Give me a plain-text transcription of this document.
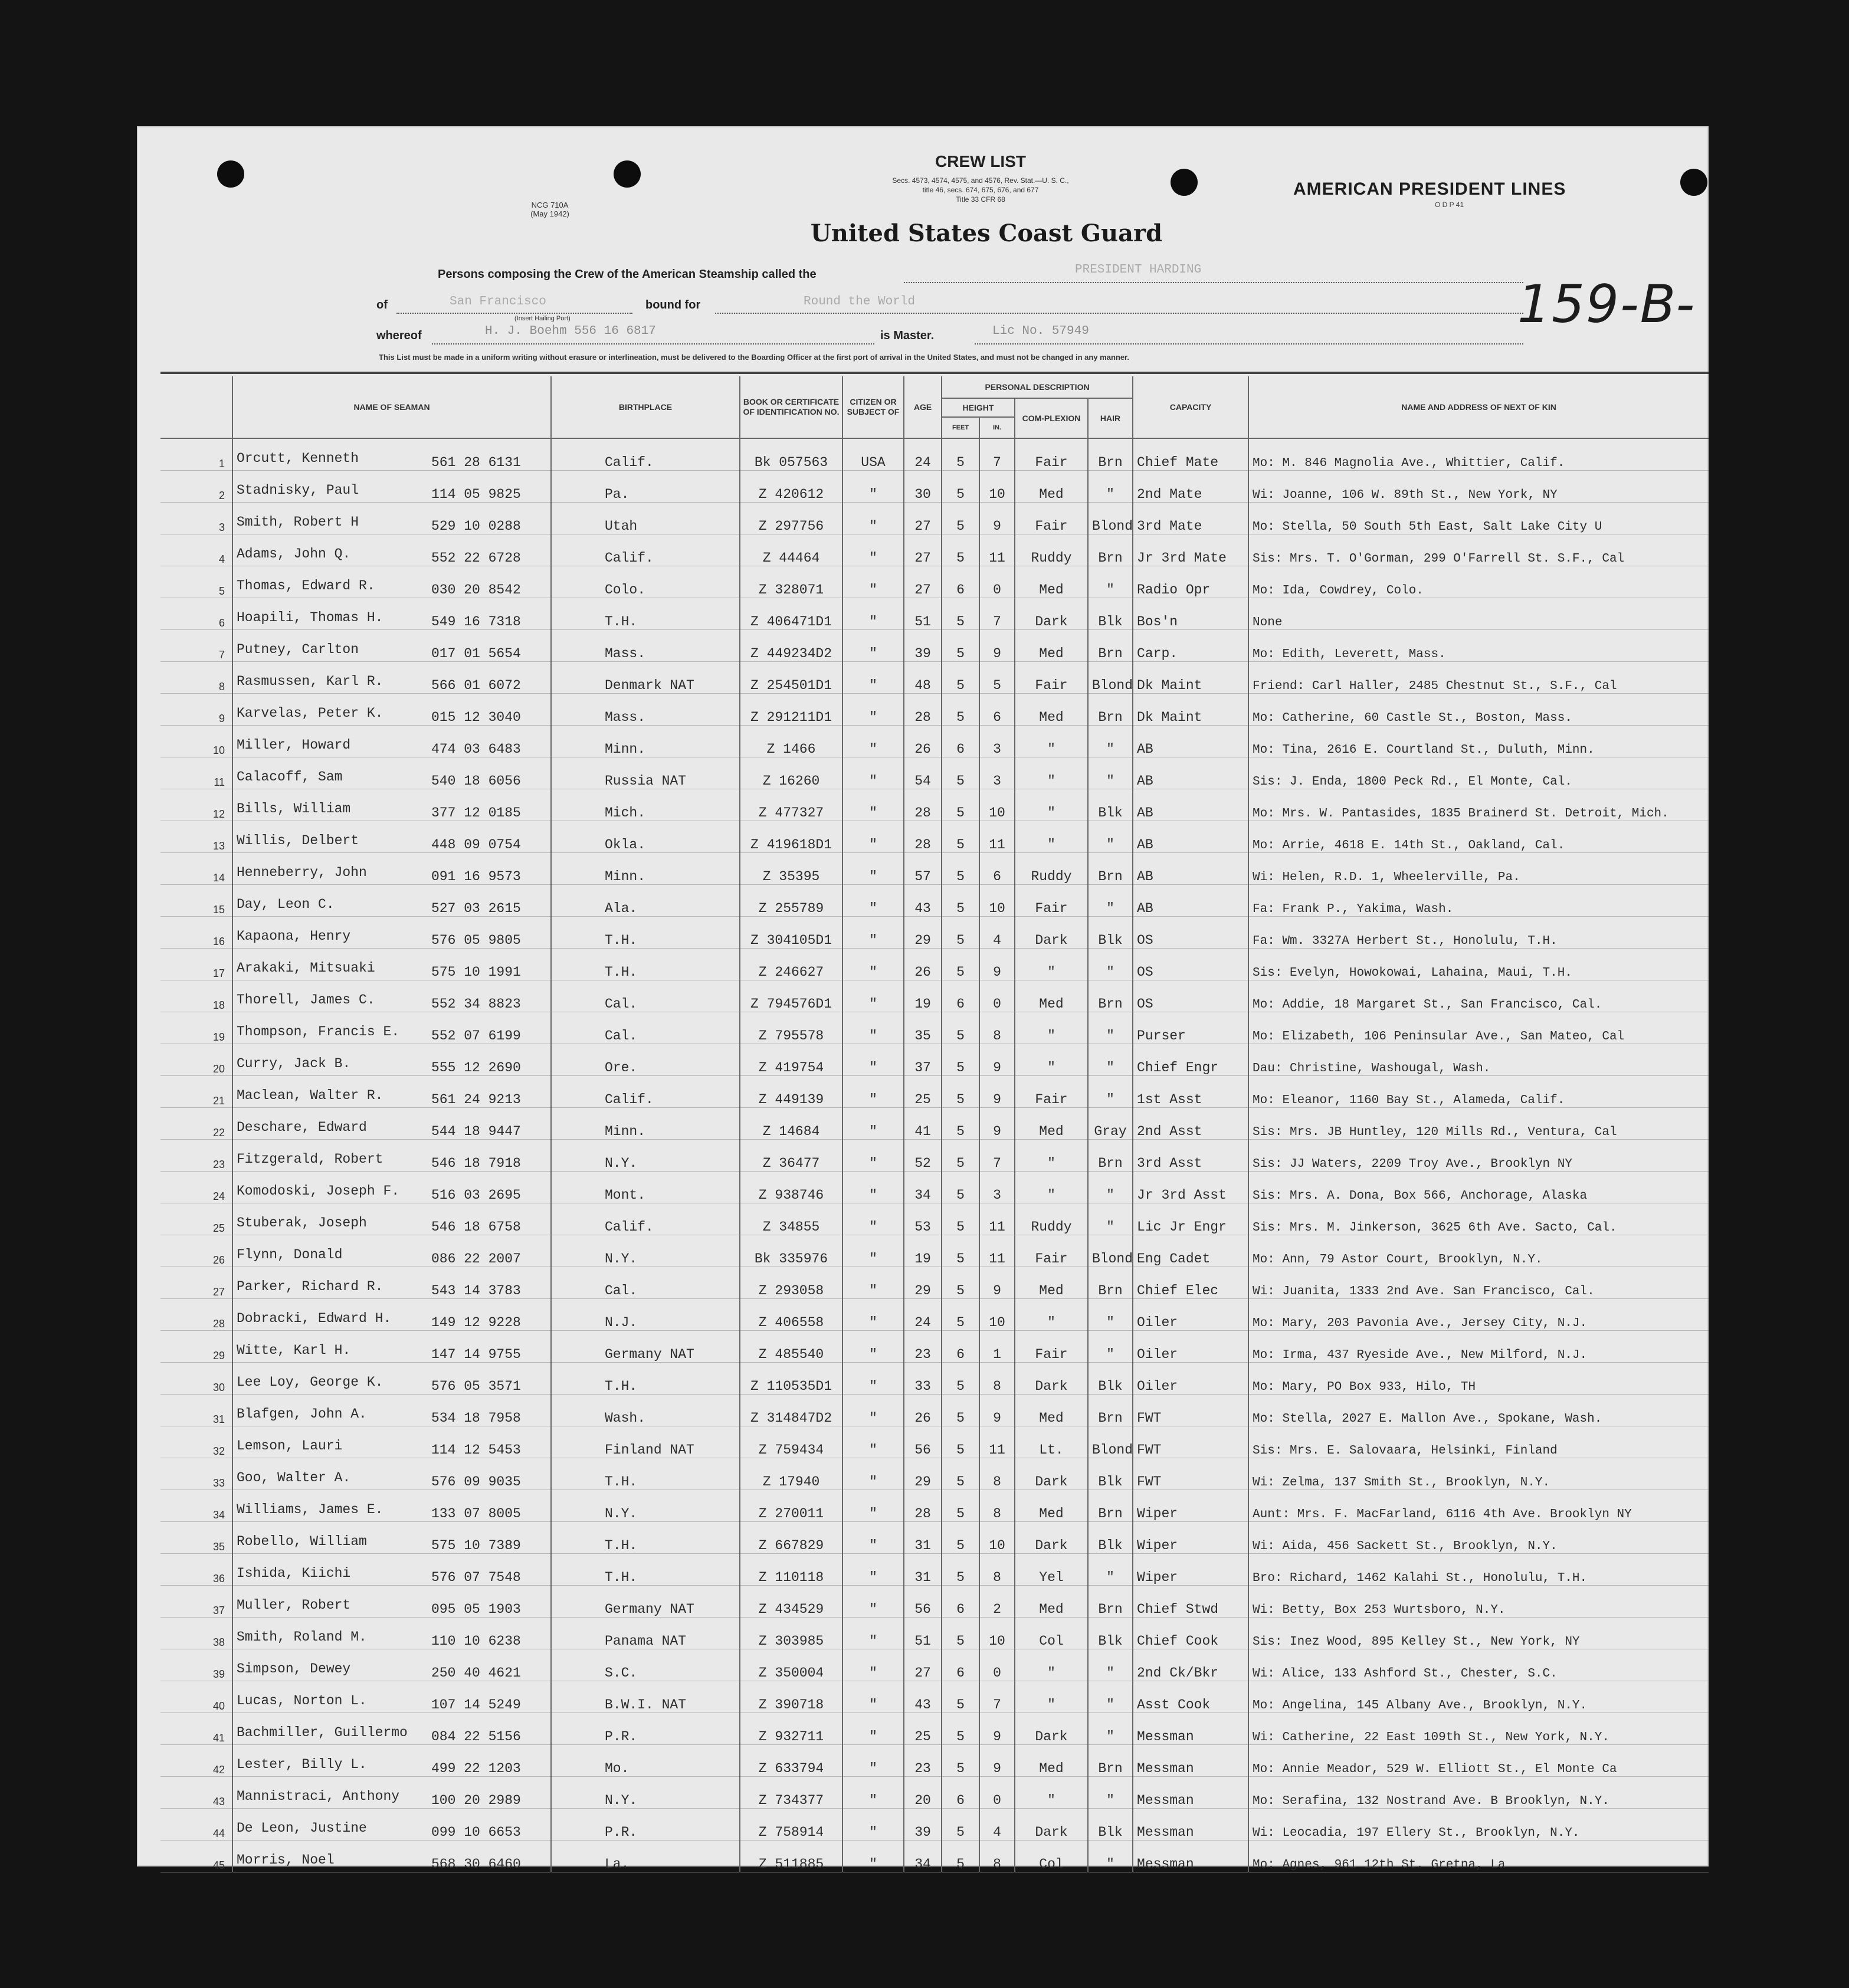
NCG 710A
(May 1942)
CREW LIST
Secs. 4573, 4574, 4575, and 4576, Rev. Stat.—U. S. C.,
title 46, secs. 674, 675, 676, and 677
Title 33 CFR 68
AMERICAN PRESIDENT LINES
O D P 41
United States Coast Guard
159-B-
Persons composing the Crew of the American Steamship called the	PRESIDENT HARDING
of	San Francisco
(Insert Hailing Port)
bound for	Round the World
whereof	H. J. Boehm 556 16 6817	is Master.	Lic No. 57949
This List must be made in a uniform writing without erasure or interlineation, must be delivered to the Boarding Officer at the first port of arrival in the United States, and must not be changed in any manner.
	NAME OF SEAMAN	BIRTHPLACE	BOOK OR CERTIFICATE OF IDENTIFICATION NO.	CITIZEN OR SUBJECT OF	AGE	PERSONAL DESCRIPTION				CAPACITY	NAME AND ADDRESS OF NEXT OF KIN
						HEIGHT		COM-PLEXION	HAIR		
						FEET	IN.				
1	Orcutt, Kenneth 561 28 6131	Calif.	Bk 057563	USA	24	5	7	Fair	Brn	Chief Mate	Mo: M. 846 Magnolia Ave., Whittier, Calif.
2	Stadnisky, Paul 114 05 9825	Pa.	Z 420612	"	30	5	10	Med	"	2nd Mate	Wi: Joanne, 106 W. 89th St., New York, NY
3	Smith, Robert H 529 10 0288	Utah	Z 297756	"	27	5	9	Fair	Blond	3rd Mate	Mo: Stella, 50 South 5th East, Salt Lake City U
4	Adams, John Q. 552 22 6728	Calif.	Z 44464	"	27	5	11	Ruddy	Brn	Jr 3rd Mate	Sis: Mrs. T. O'Gorman, 299 O'Farrell St. S.F., Cal
5	Thomas, Edward R. 030 20 8542	Colo.	Z 328071	"	27	6	0	Med	"	Radio Opr	Mo: Ida, Cowdrey, Colo.
6	Hoapili, Thomas H. 549 16 7318	T.H.	Z 406471D1	"	51	5	7	Dark	Blk	Bos'n	None
7	Putney, Carlton 017 01 5654	Mass.	Z 449234D2	"	39	5	9	Med	Brn	Carp.	Mo: Edith, Leverett, Mass.
8	Rasmussen, Karl R. 566 01 6072	Denmark NAT	Z 254501D1	"	48	5	5	Fair	Blond	Dk Maint	Friend: Carl Haller, 2485 Chestnut St., S.F., Cal
9	Karvelas, Peter K. 015 12 3040	Mass.	Z 291211D1	"	28	5	6	Med	Brn	Dk Maint	Mo: Catherine, 60 Castle St., Boston, Mass.
10	Miller, Howard 474 03 6483	Minn.	Z 1466	"	26	6	3	"	"	AB	Mo: Tina, 2616 E. Courtland St., Duluth, Minn.
11	Calacoff, Sam 540 18 6056	Russia NAT	Z 16260	"	54	5	3	"	"	AB	Sis: J. Enda, 1800 Peck Rd., El Monte, Cal.
12	Bills, William 377 12 0185	Mich.	Z 477327	"	28	5	10	"	Blk	AB	Mo: Mrs. W. Pantasides, 1835 Brainerd St. Detroit, Mich.
13	Willis, Delbert 448 09 0754	Okla.	Z 419618D1	"	28	5	11	"	"	AB	Mo: Arrie, 4618 E. 14th St., Oakland, Cal.
14	Henneberry, John 091 16 9573	Minn.	Z 35395	"	57	5	6	Ruddy	Brn	AB	Wi: Helen, R.D. 1, Wheelerville, Pa.
15	Day, Leon C. 527 03 2615	Ala.	Z 255789	"	43	5	10	Fair	"	AB	Fa: Frank P., Yakima, Wash.
16	Kapaona, Henry 576 05 9805	T.H.	Z 304105D1	"	29	5	4	Dark	Blk	OS	Fa: Wm. 3327A Herbert St., Honolulu, T.H.
17	Arakaki, Mitsuaki 575 10 1991	T.H.	Z 246627	"	26	5	9	"	"	OS	Sis: Evelyn, Howokowai, Lahaina, Maui, T.H.
18	Thorell, James C. 552 34 8823	Cal.	Z 794576D1	"	19	6	0	Med	Brn	OS	Mo: Addie, 18 Margaret St., San Francisco, Cal.
19	Thompson, Francis E. 552 07 6199	Cal.	Z 795578	"	35	5	8	"	"	Purser	Mo: Elizabeth, 106 Peninsular Ave., San Mateo, Cal
20	Curry, Jack B. 555 12 2690	Ore.	Z 419754	"	37	5	9	"	"	Chief Engr	Dau: Christine, Washougal, Wash.
21	Maclean, Walter R. 561 24 9213	Calif.	Z 449139	"	25	5	9	Fair	"	1st Asst	Mo: Eleanor, 1160 Bay St., Alameda, Calif.
22	Deschare, Edward 544 18 9447	Minn.	Z 14684	"	41	5	9	Med	Gray	2nd Asst	Sis: Mrs. JB Huntley, 120 Mills Rd., Ventura, Cal
23	Fitzgerald, Robert 546 18 7918	N.Y.	Z 36477	"	52	5	7	"	Brn	3rd Asst	Sis: JJ Waters, 2209 Troy Ave., Brooklyn NY
24	Komodoski, Joseph F. 516 03 2695	Mont.	Z 938746	"	34	5	3	"	"	Jr 3rd Asst	Sis: Mrs. A. Dona, Box 566, Anchorage, Alaska
25	Stuberak, Joseph 546 18 6758	Calif.	Z 34855	"	53	5	11	Ruddy	"	Lic Jr Engr	Sis: Mrs. M. Jinkerson, 3625 6th Ave. Sacto, Cal.
26	Flynn, Donald 086 22 2007	N.Y.	Bk 335976	"	19	5	11	Fair	Blond	Eng Cadet	Mo: Ann, 79 Astor Court, Brooklyn, N.Y.
27	Parker, Richard R. 543 14 3783	Cal.	Z 293058	"	29	5	9	Med	Brn	Chief Elec	Wi: Juanita, 1333 2nd Ave. San Francisco, Cal.
28	Dobracki, Edward H. 149 12 9228	N.J.	Z 406558	"	24	5	10	"	"	Oiler	Mo: Mary, 203 Pavonia Ave., Jersey City, N.J.
29	Witte, Karl H. 147 14 9755	Germany NAT	Z 485540	"	23	6	1	Fair	"	Oiler	Mo: Irma, 437 Ryeside Ave., New Milford, N.J.
30	Lee Loy, George K. 576 05 3571	T.H.	Z 110535D1	"	33	5	8	Dark	Blk	Oiler	Mo: Mary, PO Box 933, Hilo, TH
31	Blafgen, John A. 534 18 7958	Wash.	Z 314847D2	"	26	5	9	Med	Brn	FWT	Mo: Stella, 2027 E. Mallon Ave., Spokane, Wash.
32	Lemson, Lauri 114 12 5453	Finland NAT	Z 759434	"	56	5	11	Lt.	Blond	FWT	Sis: Mrs. E. Salovaara, Helsinki, Finland
33	Goo, Walter A. 576 09 9035	T.H.	Z 17940	"	29	5	8	Dark	Blk	FWT	Wi: Zelma, 137 Smith St., Brooklyn, N.Y.
34	Williams, James E. 133 07 8005	N.Y.	Z 270011	"	28	5	8	Med	Brn	Wiper	Aunt: Mrs. F. MacFarland, 6116 4th Ave. Brooklyn NY
35	Robello, William 575 10 7389	T.H.	Z 667829	"	31	5	10	Dark	Blk	Wiper	Wi: Aida, 456 Sackett St., Brooklyn, N.Y.
36	Ishida, Kiichi 576 07 7548	T.H.	Z 110118	"	31	5	8	Yel	"	Wiper	Bro: Richard, 1462 Kalahi St., Honolulu, T.H.
37	Muller, Robert 095 05 1903	Germany NAT	Z 434529	"	56	6	2	Med	Brn	Chief Stwd	Wi: Betty, Box 253 Wurtsboro, N.Y.
38	Smith, Roland M. 110 10 6238	Panama NAT	Z 303985	"	51	5	10	Col	Blk	Chief Cook	Sis: Inez Wood, 895 Kelley St., New York, NY
39	Simpson, Dewey 250 40 4621	S.C.	Z 350004	"	27	6	0	"	"	2nd Ck/Bkr	Wi: Alice, 133 Ashford St., Chester, S.C.
40	Lucas, Norton L. 107 14 5249	B.W.I. NAT	Z 390718	"	43	5	7	"	"	Asst Cook	Mo: Angelina, 145 Albany Ave., Brooklyn, N.Y.
41	Bachmiller, Guillermo 084 22 5156	P.R.	Z 932711	"	25	5	9	Dark	"	Messman	Wi: Catherine, 22 East 109th St., New York, N.Y.
42	Lester, Billy L. 499 22 1203	Mo.	Z 633794	"	23	5	9	Med	Brn	Messman	Mo: Annie Meador, 529 W. Elliott St., El Monte Ca
43	Mannistraci, Anthony 100 20 2989	N.Y.	Z 734377	"	20	6	0	"	"	Messman	Mo: Serafina, 132 Nostrand Ave. B Brooklyn, N.Y.
44	De Leon, Justine 099 10 6653	P.R.	Z 758914	"	39	5	4	Dark	Blk	Messman	Wi: Leocadia, 197 Ellery St., Brooklyn, N.Y.
45	Morris, Noel 568 30 6460	La.	Z 511885	"	34	5	8	Col	"	Messman	Mo: Agnes, 961 12th St. Gretna, La
